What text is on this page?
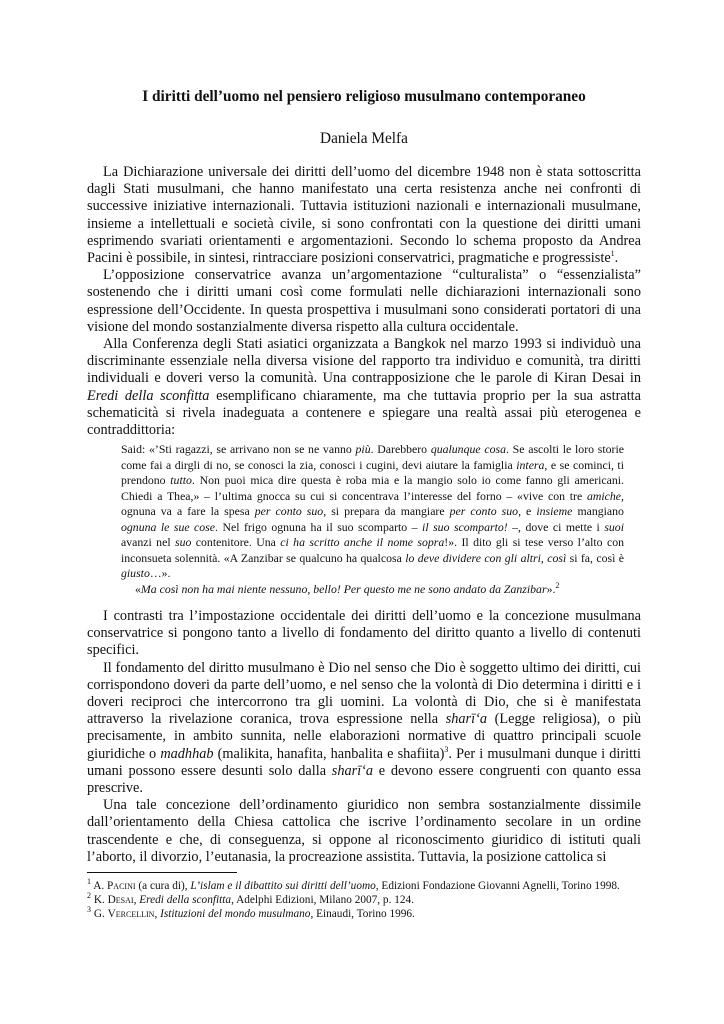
I diritti dell’uomo nel pensiero religioso musulmano contemporaneo

Daniela Melfa

La Dichiarazione universale dei diritti dell’uomo del dicembre 1948 non è stata sottoscritta dagli Stati musulmani, che hanno manifestato una certa resistenza anche nei confronti di successive iniziative internazionali. Tuttavia istituzioni nazionali e internazionali musulmane, insieme a intellettuali e società civile, si sono confrontati con la questione dei diritti umani esprimendo svariati orientamenti e argomentazioni. Secondo lo schema proposto da Andrea Pacini è possibile, in sintesi, rintracciare posizioni conservatrici, pragmatiche e progressiste$^1$.

L’opposizione conservatrice avanza un’argomentazione “culturalista” o “essenzialista” sostenendo che i diritti umani così come formulati nelle dichiarazioni internazionali sono espressione dell’Occidente. In questa prospettiva i musulmani sono considerati portatori di una visione del mondo sostanzialmente diversa rispetto alla cultura occidentale.

Alla Conferenza degli Stati asiatici organizzata a Bangkok nel marzo 1993 si individuò una discriminante essenziale nella diversa visione del rapporto tra individuo e comunità, tra diritti individuali e doveri verso la comunità. Una contrapposizione che le parole di Kiran Desai in Eredi della sconfitta esemplificano chiaramente, ma che tuttavia proprio per la sua astratta schematicità si rivela inadeguata a contenere e spiegare una realtà assai più eterogenea e contraddittoria:

Said: «’Sti ragazzi, se arrivano non se ne vanno più. Darebbero qualunque cosa. Se ascolti le loro storie come fai a dirgli di no, se conosci la zia, conosci i cugini, devi aiutare la famiglia intera, e se cominci, ti prendono tutto. Non puoi mica dire questa è roba mia e la mangio solo io come fanno gli americani. Chiedi a Thea,» – l’ultima gnocca su cui si concentrava l’interesse del forno – «vive con tre amiche, ognuna va a fare la spesa per conto suo, si prepara da mangiare per conto suo, e insieme mangiano ognuna le sue cose. Nel frigo ognuna ha il suo scomparto – il suo scomparto! –, dove ci mette i suoi avanzi nel suo contenitore. Una ci ha scritto anche il nome sopra!». Il dito gli si tese verso l’alto con inconsueta solennità. «A Zanzibar se qualcuno ha qualcosa lo deve dividere con gli altri, così si fa, così è giusto…».

«Ma così non ha mai niente nessuno, bello! Per questo me ne sono andato da Zanzibar».$^2$

I contrasti tra l’impostazione occidentale dei diritti dell’uomo e la concezione musulmana conservatrice si pongono tanto a livello di fondamento del diritto quanto a livello di contenuti specifici.

Il fondamento del diritto musulmano è Dio nel senso che Dio è soggetto ultimo dei diritti, cui corrispondono doveri da parte dell’uomo, e nel senso che la volontà di Dio determina i diritti e i doveri reciproci che intercorrono tra gli uomini. La volontà di Dio, che si è manifestata attraverso la rivelazione coranica, trova espressione nella sharī‘a (Legge religiosa), o più precisamente, in ambito sunnita, nelle elaborazioni normative di quattro principali scuole giuridiche o madhhab (malikita, hanafita, hanbalita e shafiita)$^3$. Per i musulmani dunque i diritti umani possono essere desunti solo dalla sharī‘a e devono essere congruenti con quanto essa prescrive.

Una tale concezione dell’ordinamento giuridico non sembra sostanzialmente dissimile dall’orientamento della Chiesa cattolica che iscrive l’ordinamento secolare in un ordine trascendente e che, di conseguenza, si oppone al riconoscimento giuridico di istituti quali l’aborto, il divorzio, l’eutanasia, la procreazione assistita. Tuttavia, la posizione cattolica si

$^1$ A. Pacini (a cura di), L’islam e il dibattito sui diritti dell’uomo, Edizioni Fondazione Giovanni Agnelli, Torino 1998.

$^2$ K. Desai, Eredi della sconfitta, Adelphi Edizioni, Milano 2007, p. 124.

$^3$ G. Vercellin, Istituzioni del mondo musulmano, Einaudi, Torino 1996.
